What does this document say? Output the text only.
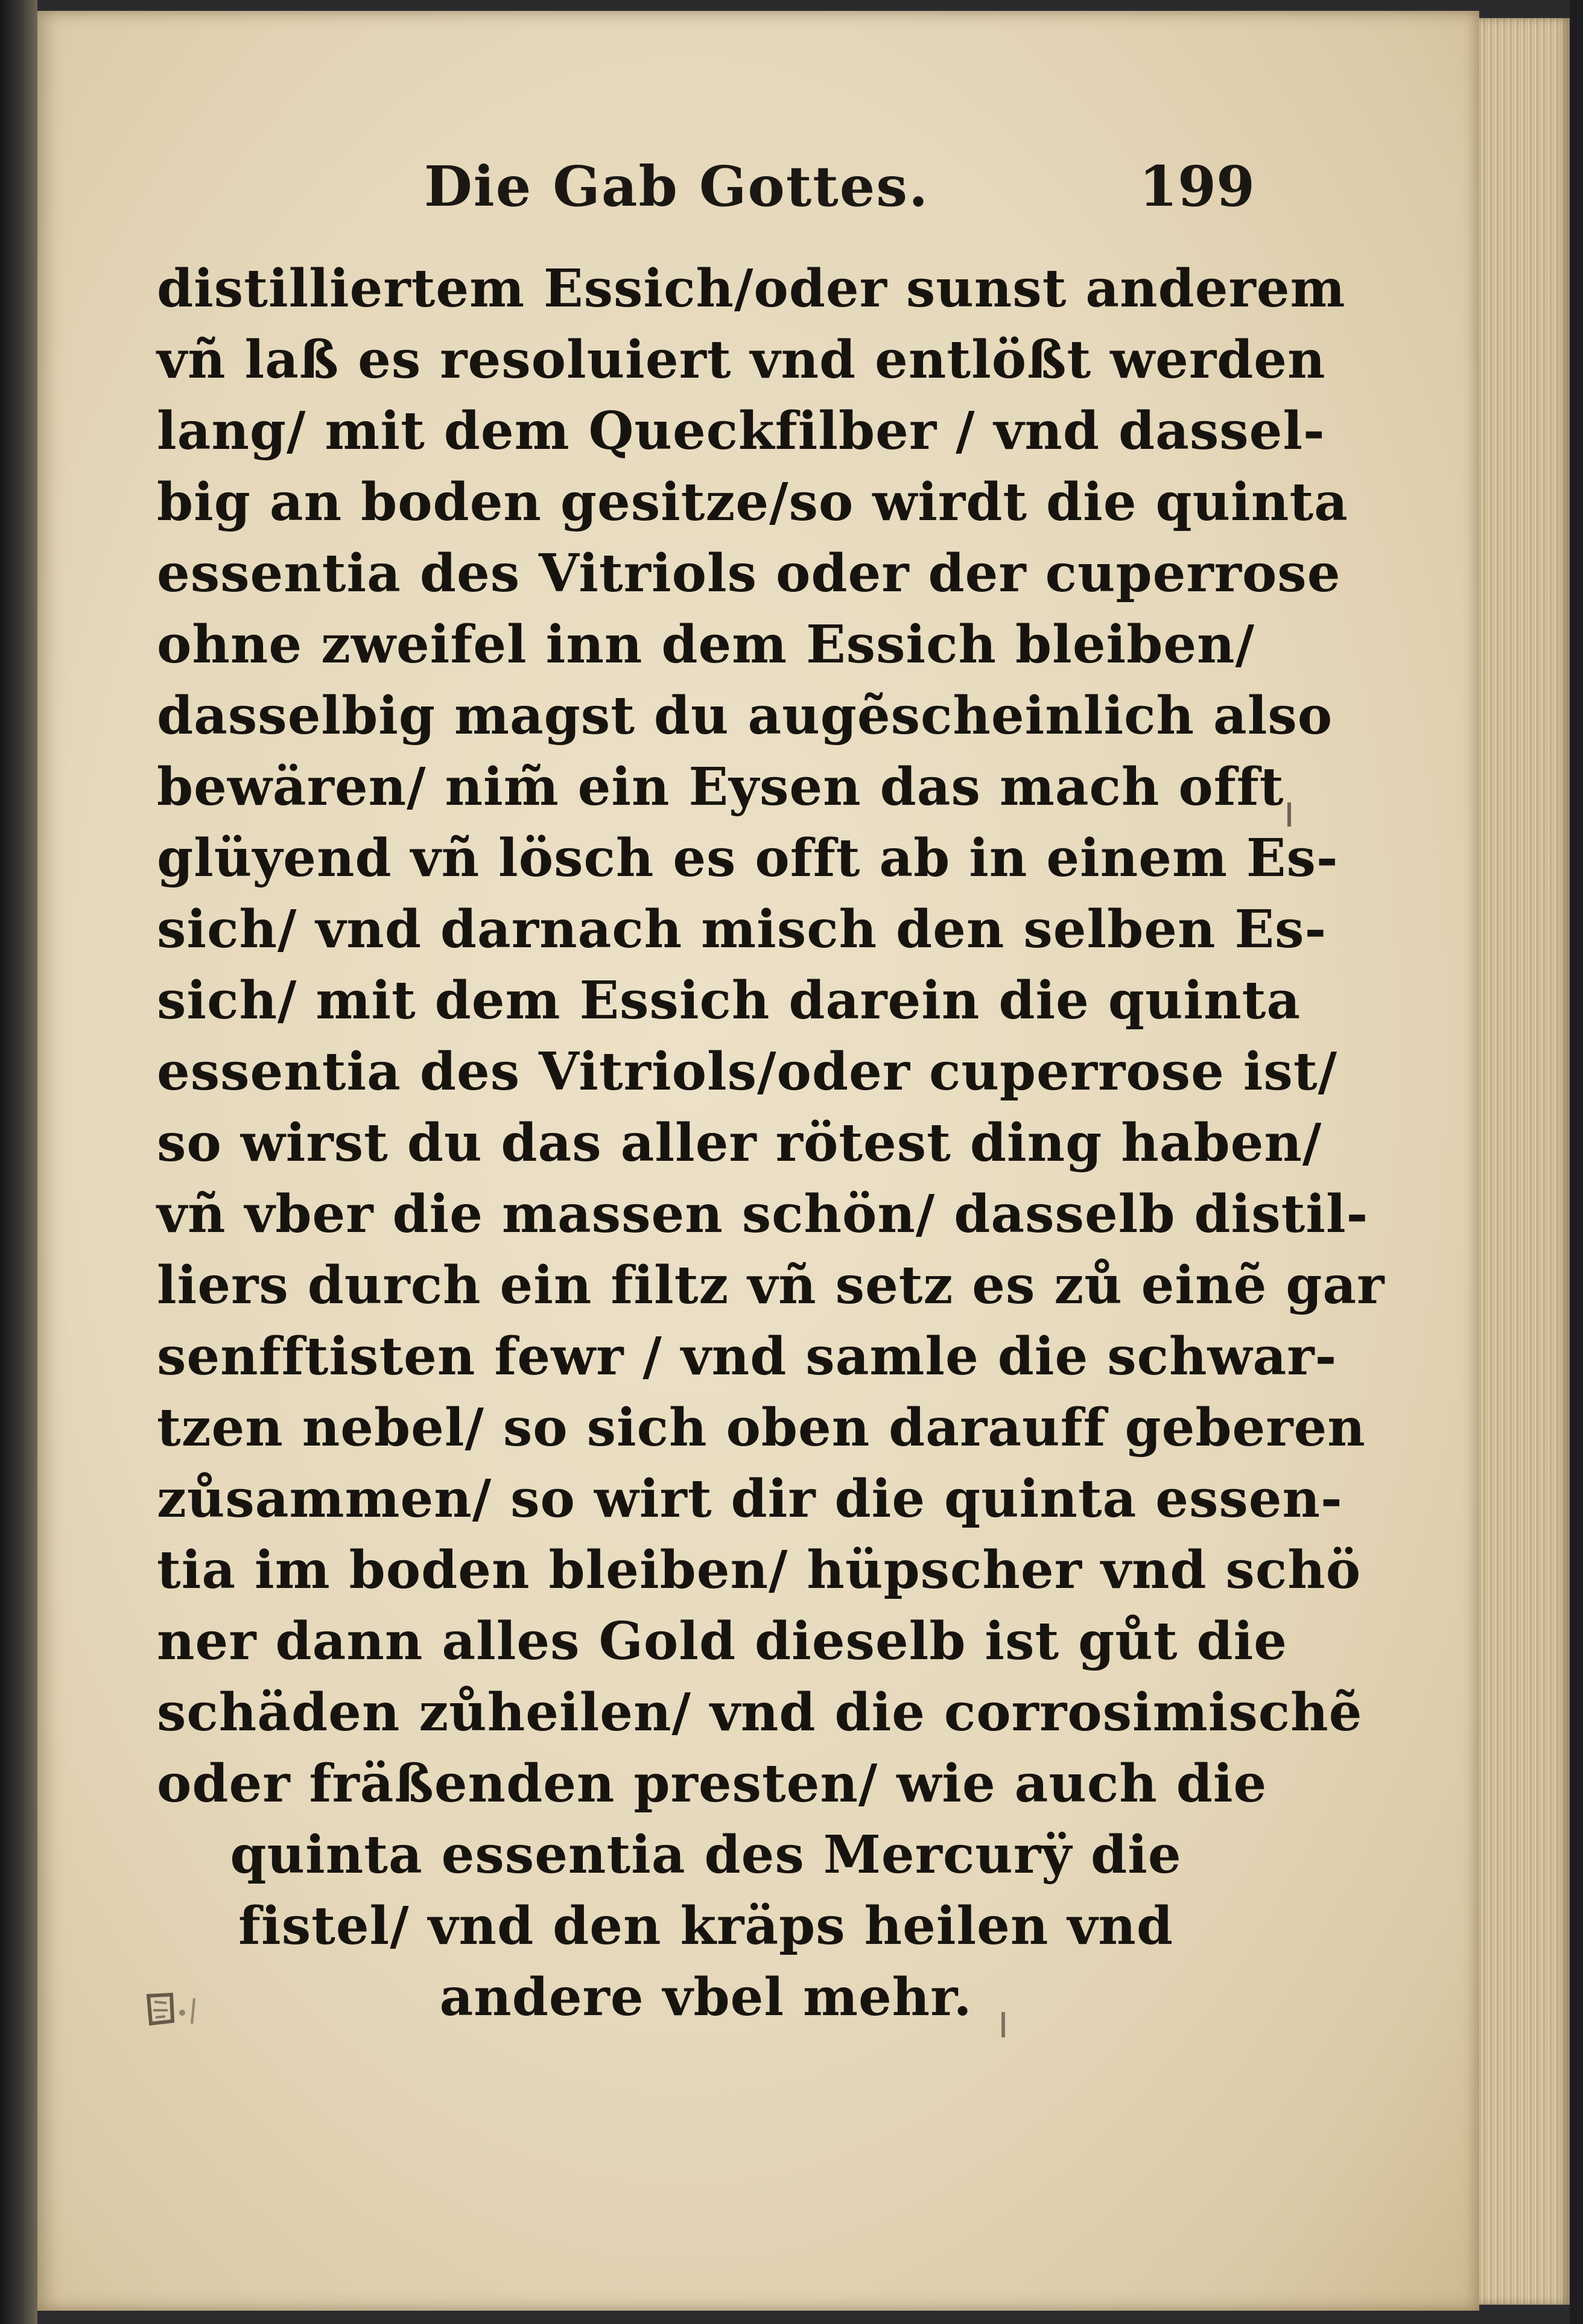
Die Gab Gottes.	199
distilliertem Essich/oder sunst anderem
vñ laß es resoluiert vnd entlößt werden
lang/ mit dem Queckfilber / vnd dassel-
big an boden gesitze/so wirdt die quinta
essentia des Vitriols oder der cuperrose
ohne zweifel inn dem Essich bleiben/
dasselbig magst du augẽscheinlich also
bewären/ nim̃ ein Eysen das mach offt
glüyend vñ lösch es offt ab in einem Es-
sich/ vnd darnach misch den selben Es-
sich/ mit dem Essich darein die quinta
essentia des Vitriols/oder cuperrose ist/
so wirst du das aller rötest ding haben/
vñ vber die massen schön/ dasselb distil-
liers durch ein filtz vñ setz es zů einẽ gar
senfftisten fewr / vnd samle die schwar-
tzen nebel/ so sich oben darauff geberen
zůsammen/ so wirt dir die quinta essen-
tia im boden bleiben/ hüpscher vnd schö
ner dann alles Gold dieselb ist gůt die
schäden zůheilen/ vnd die corrosimischẽ
oder fräßenden presten/ wie auch die
quinta essentia des Mercurÿ die
fistel/ vnd den kräps heilen vnd
andere vbel mehr.
